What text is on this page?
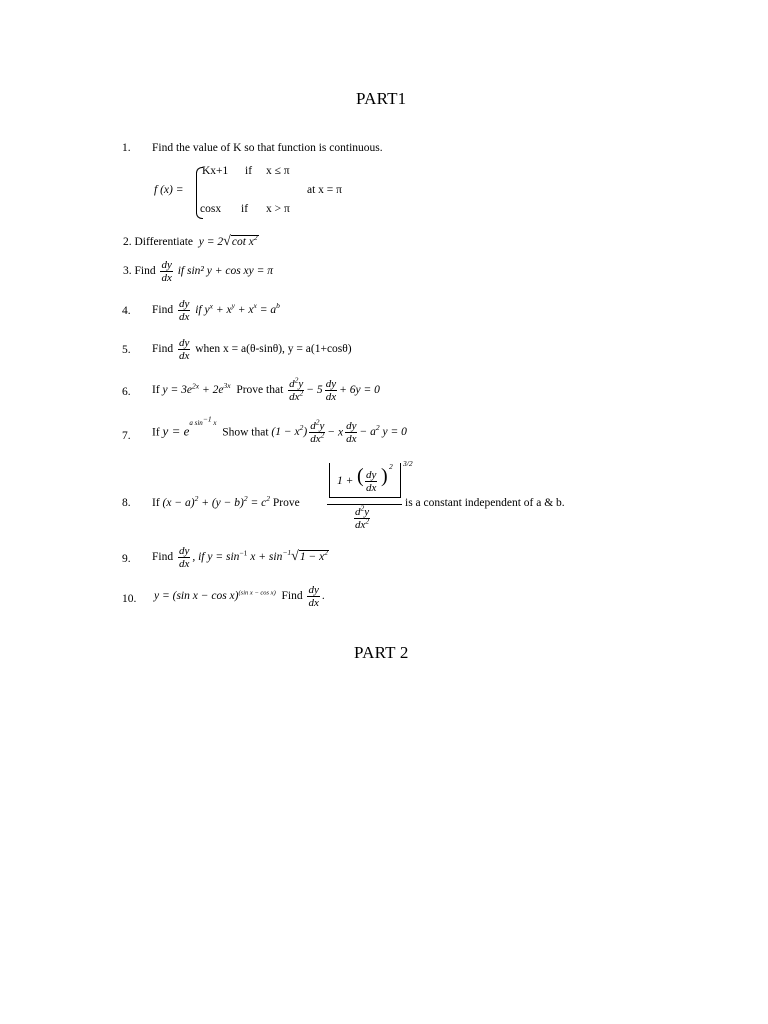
PART1
1. Find the value of K so that function is continuous.
f (x) =
Kx+1 if x ≤ π
at x = π
cosx if x > π
2. Differentiate y = 2√cot $x^2$
3. Find $\frac{dy}{dx}$ if sin² y + cos xy = π
4. Find $\frac{dy}{dx}$ if $y^x + x^y + x^x = a^b$
5. Find $\frac{dy}{dx}$ when x = a(θ-sinθ), y = a(1+cosθ)
6. If $y = 3e^{2x} + 2e^{3x}$ Prove that $\frac{d^2y}{dx^2} - 5 \frac{dy}{dx} + 6y = 0$
7. If $y = e^{a sin^{-1} x}$  Show that $(1 - x^2) \frac{d^2y}{dx^2} - x \frac{dy}{dx} - a^2$ y = 0
8. If $(x - a)^2 + (y - b)^2 = c^2$ Prove
1 + ( $\frac{dy}{dx}$ ) 2 3/2
$\frac{d^2y}{dx^2}$
is a constant independent of a & b.
9. Find $\frac{dy}{dx}$ , if $y = \sin^{-1} x + \sin^{-1}√1 - x^2$
10. y = (sin x − cos x)$^{(sin x - cos x)}$ Find $\frac{dy}{dx}$ .
PART 2
